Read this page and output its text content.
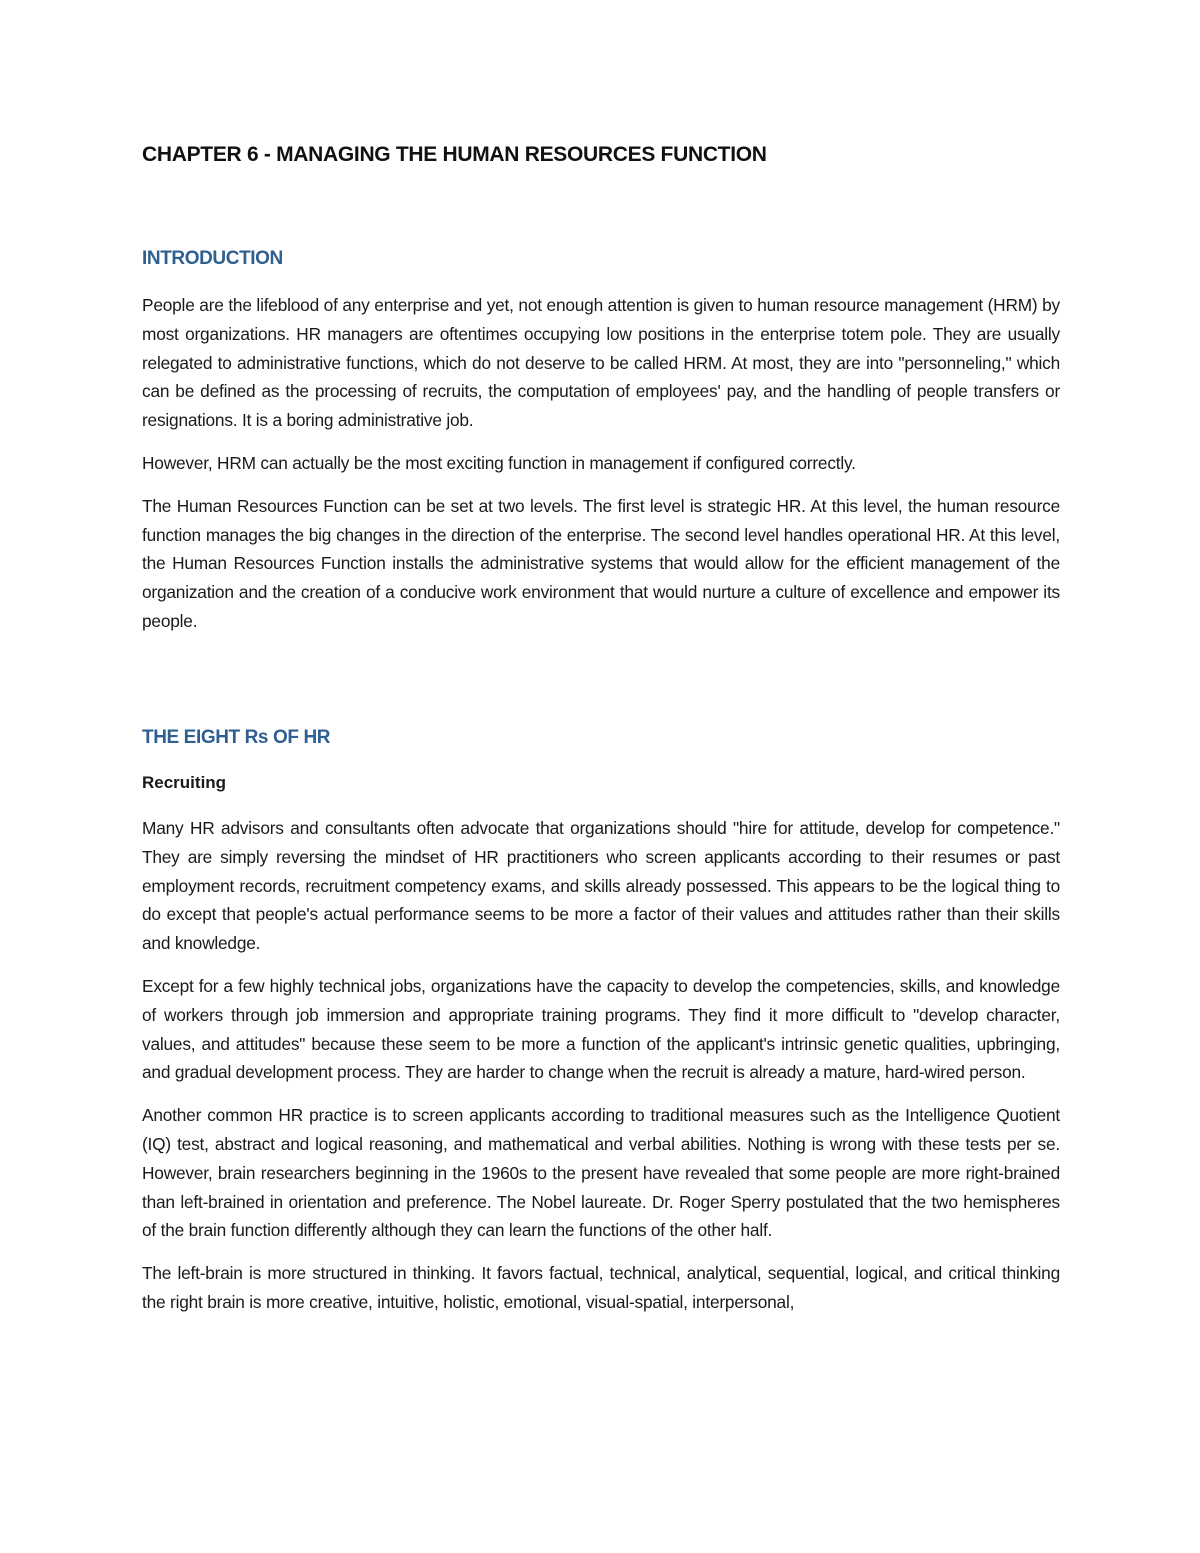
CHAPTER 6 - MANAGING THE HUMAN RESOURCES FUNCTION
INTRODUCTION

People are the lifeblood of any enterprise and yet, not enough attention is given to human resource management (HRM) by most organizations. HR managers are oftentimes occupying low positions in the enterprise totem pole. They are usually relegated to administrative functions, which do not deserve to be called HRM. At most, they are into "personneling," which can be defined as the processing of recruits, the computation of employees' pay, and the handling of people transfers or resignations. It is a boring administrative job.

However, HRM can actually be the most exciting function in management if configured correctly.

The Human Resources Function can be set at two levels. The first level is strategic HR. At this level, the human resource function manages the big changes in the direction of the enterprise. The second level handles operational HR. At this level, the Human Resources Function installs the administrative systems that would allow for the efficient management of the organization and the creation of a conducive work environment that would nurture a culture of excellence and empower its people.

THE EIGHT Rs OF HR
Recruiting

Many HR advisors and consultants often advocate that organizations should "hire for attitude, develop for competence." They are simply reversing the mindset of HR practitioners who screen applicants according to their resumes or past employment records, recruitment competency exams, and skills already possessed. This appears to be the logical thing to do except that people's actual performance seems to be more a factor of their values and attitudes rather than their skills and knowledge.

Except for a few highly technical jobs, organizations have the capacity to develop the competencies, skills, and knowledge of workers through job immersion and appropriate training programs. They find it more difficult to "develop character, values, and attitudes" because these seem to be more a function of the applicant's intrinsic genetic qualities, upbringing, and gradual development process. They are harder to change when the recruit is already a mature, hard-wired person.

Another common HR practice is to screen applicants according to traditional measures such as the Intelligence Quotient (IQ) test, abstract and logical reasoning, and mathematical and verbal abilities. Nothing is wrong with these tests per se. However, brain researchers beginning in the 1960s to the present have revealed that some people are more right-brained than left-brained in orientation and preference. The Nobel laureate. Dr. Roger Sperry postulated that the two hemispheres of the brain function differently although they can learn the functions of the other half.

The left-brain is more structured in thinking. It favors factual, technical, analytical, sequential, logical, and critical thinking the right brain is more creative, intuitive, holistic, emotional, visual-spatial, interpersonal,
